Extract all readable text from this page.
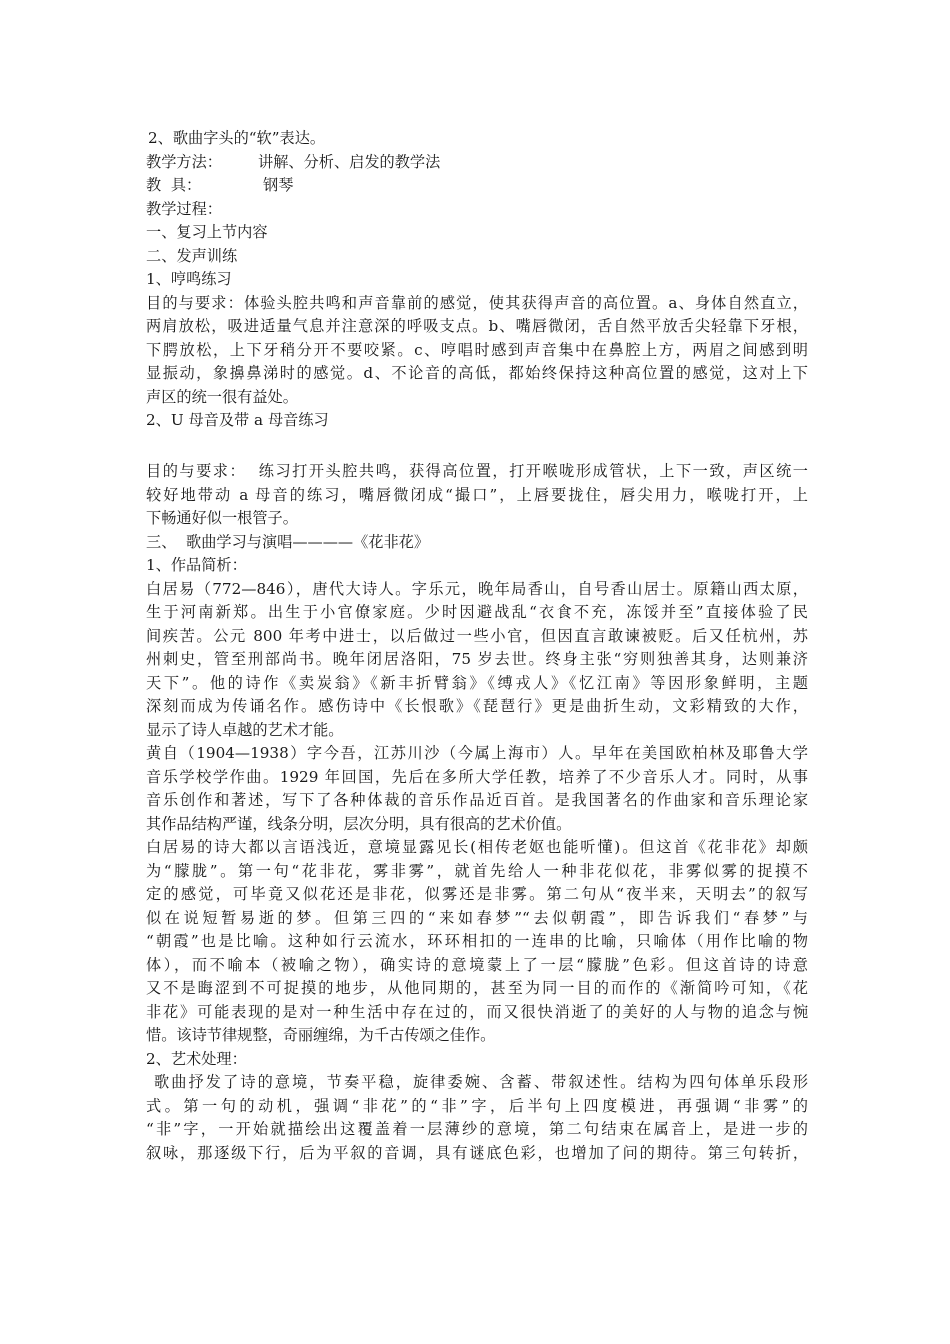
2、歌曲字头的“软”表达。
教学方法： 讲解、分析、启发的教学法
教  具：	钢琴
教学过程：
一、复习上节内容
二、发声训练
1、哼鸣练习
目的与要求：体验头腔共鸣和声音靠前的感觉，使其获得声音的高位置。a、身体自然直立，
两肩放松，吸进适量气息并注意深的呼吸支点。b、嘴唇微闭，舌自然平放舌尖轻靠下牙根，
下腭放松，上下牙稍分开不要咬紧。c、哼唱时感到声音集中在鼻腔上方，两眉之间感到明
显振动，象擤鼻涕时的感觉。d、不论音的高低，都始终保持这种高位置的感觉，这对上下
声区的统一很有益处。
2、U 母音及带 a 母音练习
目的与要求：  练习打开头腔共鸣，获得高位置，打开喉咙形成管状，上下一致，声区统一
较好地带动 a 母音的练习，嘴唇微闭成“撮口”，上唇要拢住，唇尖用力，喉咙打开，上
下畅通好似一根管子。
三、  歌曲学习与演唱————《花非花》
1、作品简析：
白居易（772—846），唐代大诗人。字乐元，晚年局香山，自号香山居士。原籍山西太原，
生于河南新郑。出生于小官僚家庭。少时因避战乱“衣食不充，冻馁并至”直接体验了民
间疾苦。公元 800 年考中进士，以后做过一些小官，但因直言敢谏被贬。后又任杭州，苏
州刺史，管至刑部尚书。晚年闭居洛阳，75 岁去世。终身主张“穷则独善其身，达则兼济
天下”。他的诗作《卖炭翁》《新丰折臂翁》《缚戎人》《忆江南》等因形象鲜明，主题
深刻而成为传诵名作。感伤诗中《长恨歌》《琵琶行》更是曲折生动，文彩精致的大作，
显示了诗人卓越的艺术才能。
黄自（1904—1938）字今吾，江苏川沙（今属上海市）人。早年在美国欧柏林及耶鲁大学
音乐学校学作曲。1929 年回国，先后在多所大学任教，培养了不少音乐人才。同时，从事
音乐创作和著述，写下了各种体裁的音乐作品近百首。是我国著名的作曲家和音乐理论家
其作品结构严谨，线条分明，层次分明，具有很高的艺术价值。
白居易的诗大都以言语浅近，意境显露见长(相传老妪也能听懂)。但这首《花非花》却颇
为“朦胧”。第一句“花非花，雾非雾”，就首先给人一种非花似花，非雾似雾的捉摸不
定的感觉，可毕竟又似花还是非花，似雾还是非雾。第二句从“夜半来，天明去”的叙写
似在说短暂易逝的梦。但第三四的“来如春梦”“去似朝霞”，即告诉我们“春梦”与
“朝霞”也是比喻。这种如行云流水，环环相扣的一连串的比喻，只喻体（用作比喻的物
体），而不喻本（被喻之物），确实诗的意境蒙上了一层“朦胧”色彩。但这首诗的诗意
又不是晦涩到不可捉摸的地步，从他同期的，甚至为同一目的而作的《渐简吟可知，《花
非花》可能表现的是对一种生活中存在过的，而又很快消逝了的美好的人与物的追念与惋
惜。该诗节律规整，奇丽缠绵，为千古传颂之佳作。
2、艺术处理：
歌曲抒发了诗的意境，节奏平稳，旋律委婉、含蓄、带叙述性。结构为四句体单乐段形
式。第一句的动机，强调“非花”的“非”字，后半句上四度模进，再强调“非雾”的
“非”字，一开始就描绘出这覆盖着一层薄纱的意境，第二句结束在属音上，是进一步的
叙咏，那逐级下行，后为平叙的音调，具有谜底色彩，也增加了问的期待。第三句转折，
